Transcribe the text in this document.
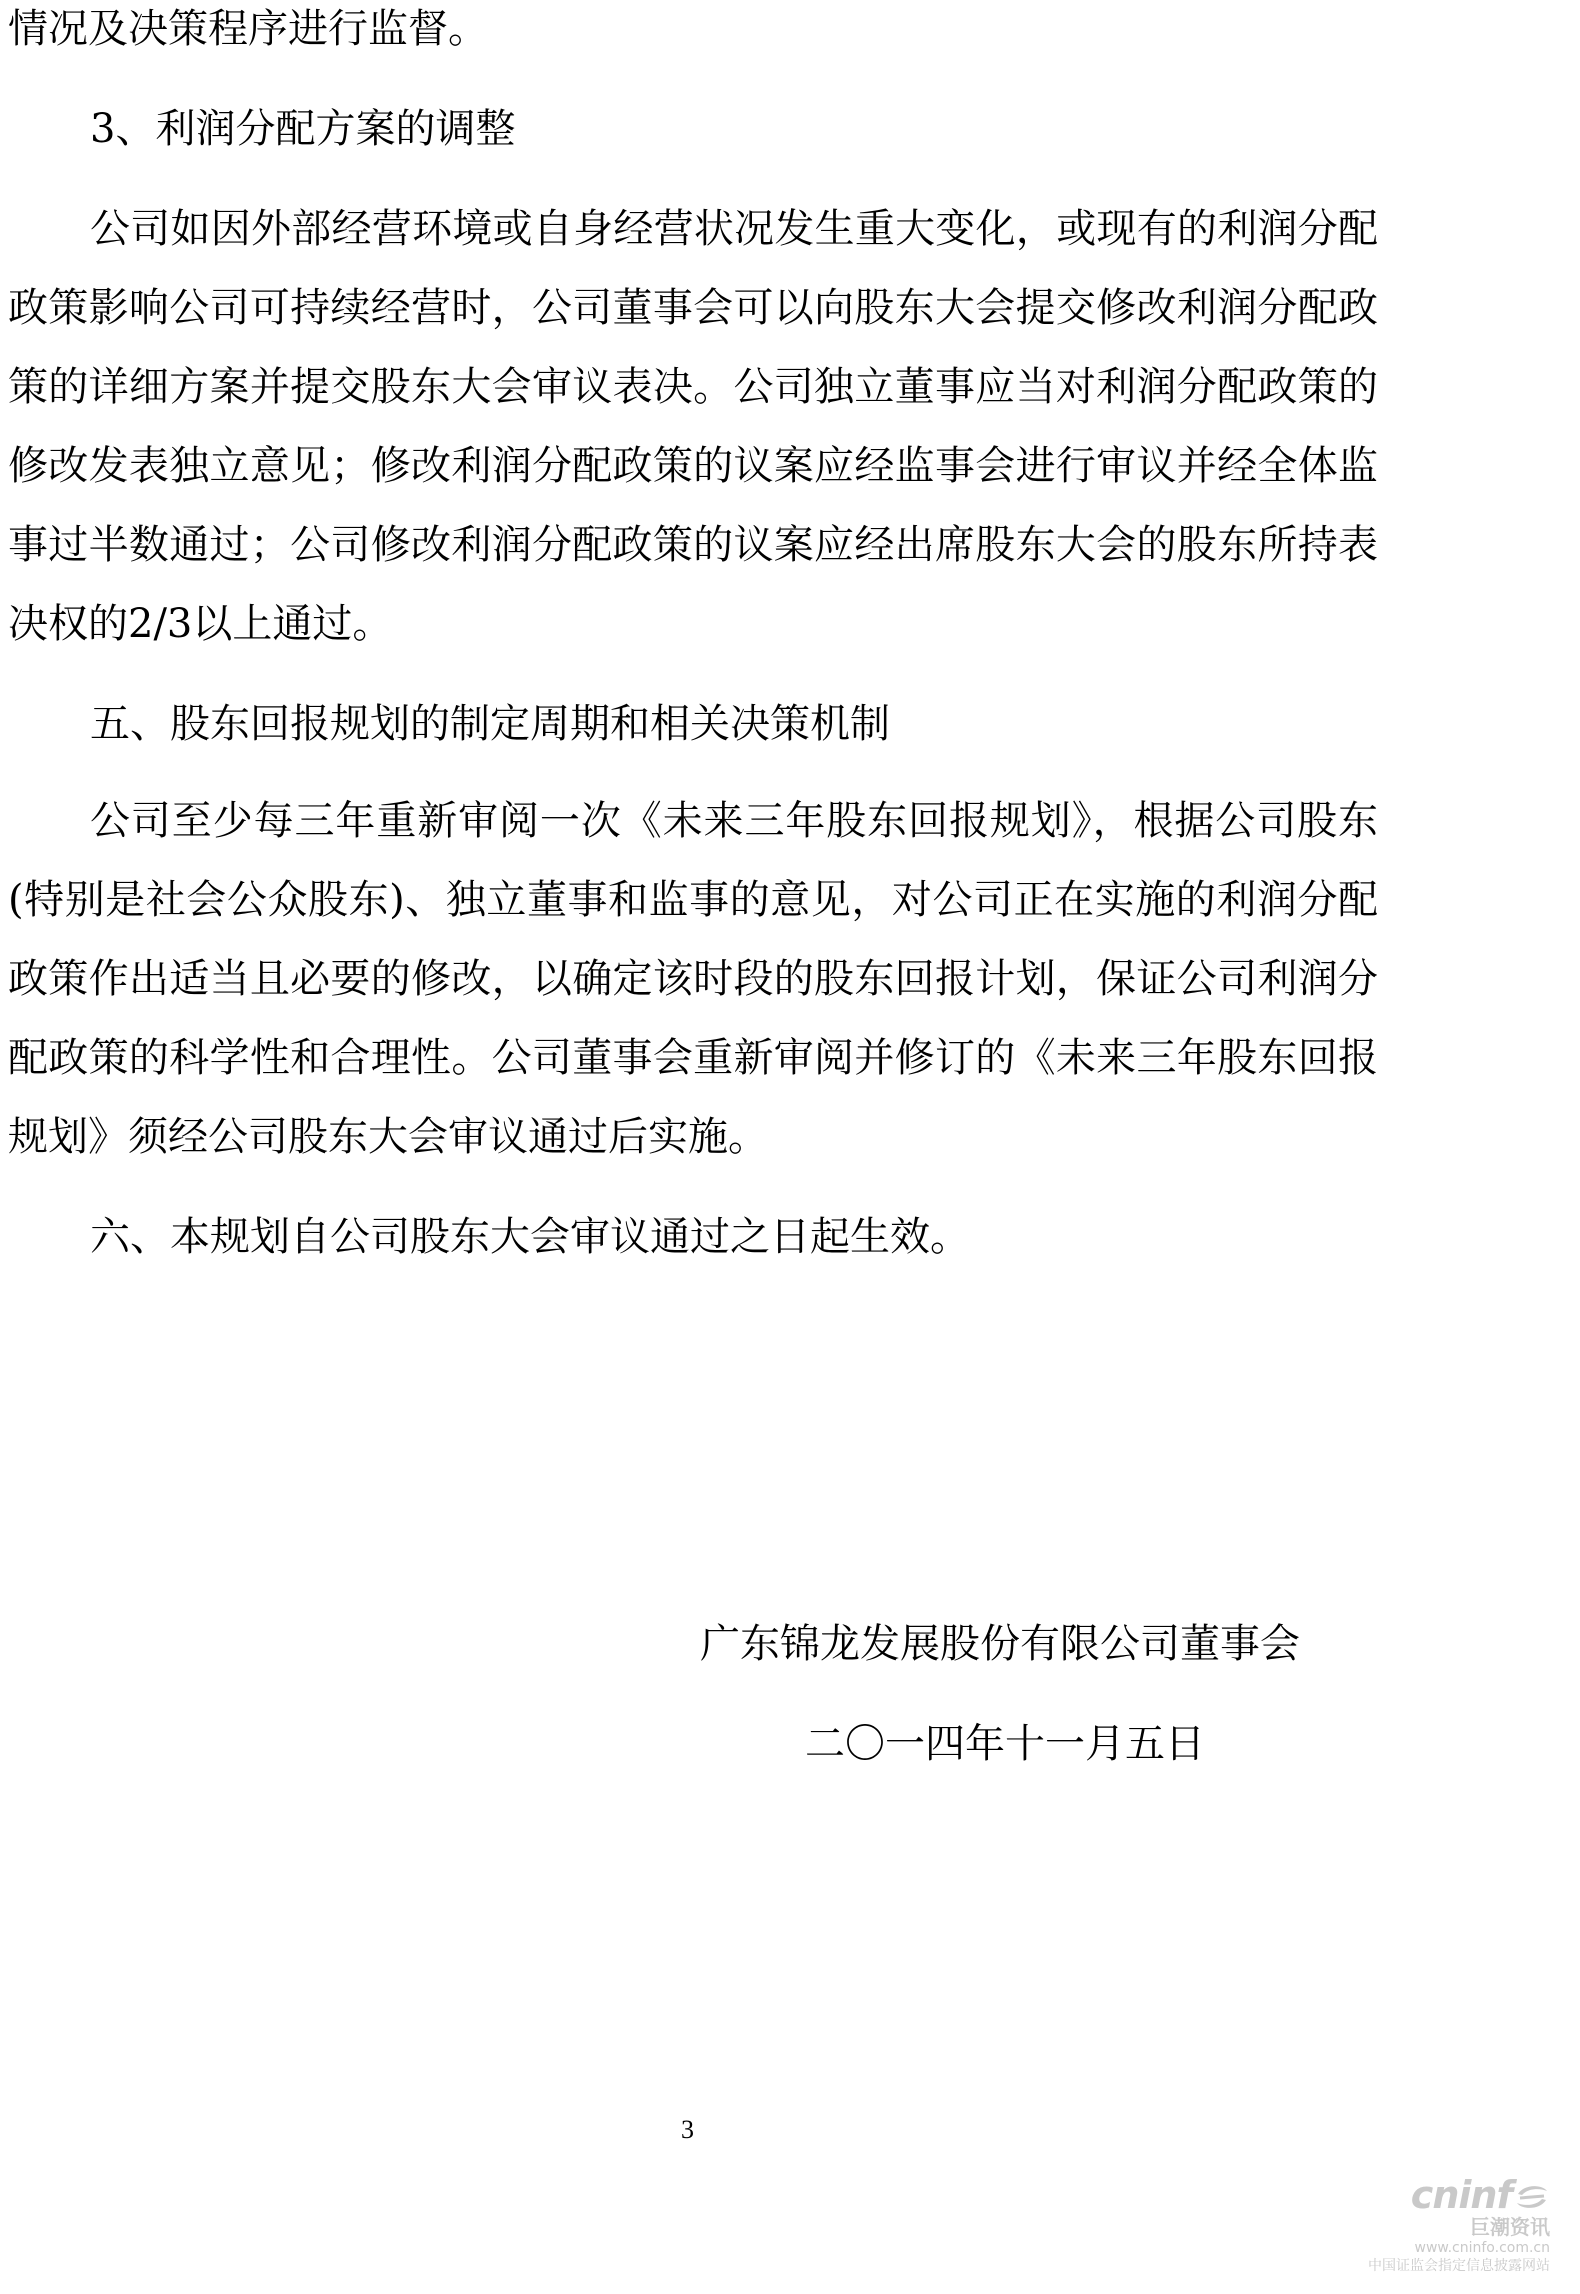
情况及决策程序进行监督。

3、利润分配方案的调整

公司如因外部经营环境或自身经营状况发生重大变化，或现有的利润分配政策影响公司可持续经营时，公司董事会可以向股东大会提交修改利润分配政策的详细方案并提交股东大会审议表决。公司独立董事应当对利润分配政策的修改发表独立意见；修改利润分配政策的议案应经监事会进行审议并经全体监事过半数通过；公司修改利润分配政策的议案应经出席股东大会的股东所持表决权的2/3以上通过。

五、股东回报规划的制定周期和相关决策机制

公司至少每三年重新审阅一次《未来三年股东回报规划》，根据公司股东(特别是社会公众股东)、独立董事和监事的意见，对公司正在实施的利润分配政策作出适当且必要的修改，以确定该时段的股东回报计划，保证公司利润分配政策的科学性和合理性。公司董事会重新审阅并修订的《未来三年股东回报规划》须经公司股东大会审议通过后实施。

六、本规划自公司股东大会审议通过之日起生效。

广东锦龙发展股份有限公司董事会
二〇一四年十一月五日
3
cninf
巨潮资讯
www.cninfo.com.cn
中国证监会指定信息披露网站
